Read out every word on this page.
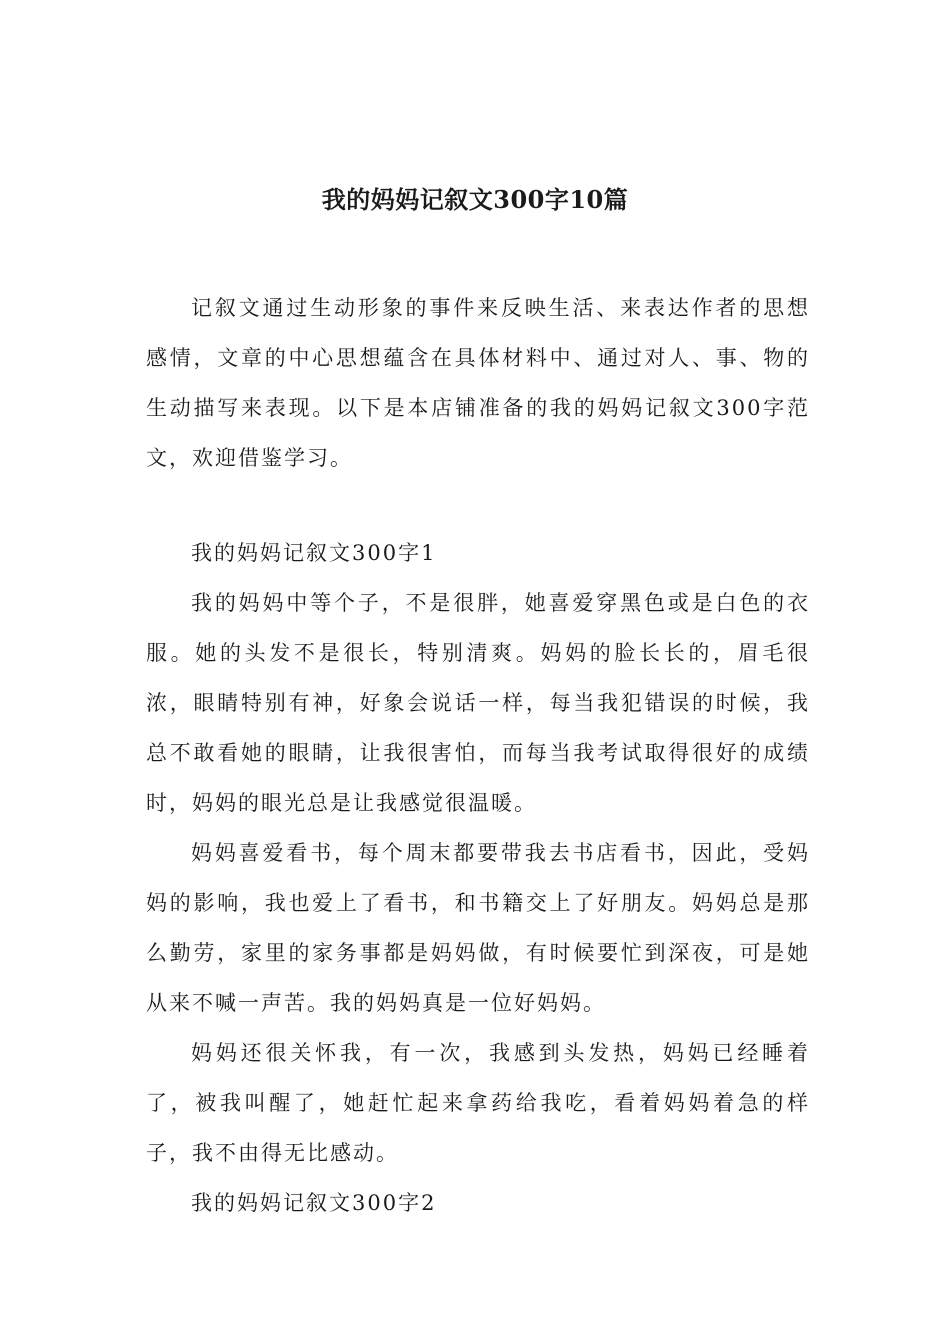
我的妈妈记叙文300字10篇

记叙文通过生动形象的事件来反映生活、来表达作者的思想感情，文章的中心思想蕴含在具体材料中、通过对人、事、物的生动描写来表现。以下是本店铺准备的我的妈妈记叙文300字范文，欢迎借鉴学习。

我的妈妈记叙文300字1

我的妈妈中等个子，不是很胖，她喜爱穿黑色或是白色的衣服。她的头发不是很长，特别清爽。妈妈的脸长长的，眉毛很浓，眼睛特别有神，好象会说话一样，每当我犯错误的时候，我总不敢看她的眼睛，让我很害怕，而每当我考试取得很好的成绩时，妈妈的眼光总是让我感觉很温暖。

妈妈喜爱看书，每个周末都要带我去书店看书，因此，受妈妈的影响，我也爱上了看书，和书籍交上了好朋友。妈妈总是那么勤劳，家里的家务事都是妈妈做，有时候要忙到深夜，可是她从来不喊一声苦。我的妈妈真是一位好妈妈。

妈妈还很关怀我，有一次，我感到头发热，妈妈已经睡着了，被我叫醒了，她赶忙起来拿药给我吃，看着妈妈着急的样子，我不由得无比感动。

我的妈妈记叙文300字2
